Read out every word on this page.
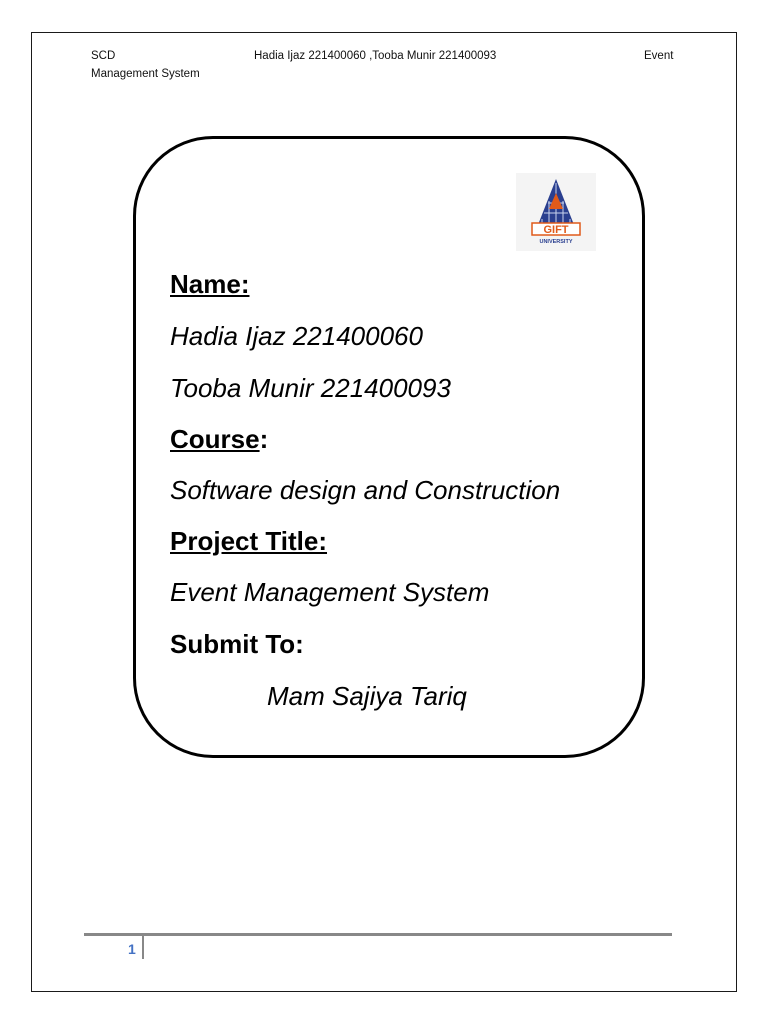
SCD
Management System
Hadia Ijaz 221400060 ,Tooba Munir 221400093	Event
GIFT
UNIVERSITY
Name:
Hadia Ijaz 221400060
Tooba Munir 221400093
Course:
Software design and Construction
Project Title:
Event Management System
Submit To:
Mam Sajiya Tariq
1
